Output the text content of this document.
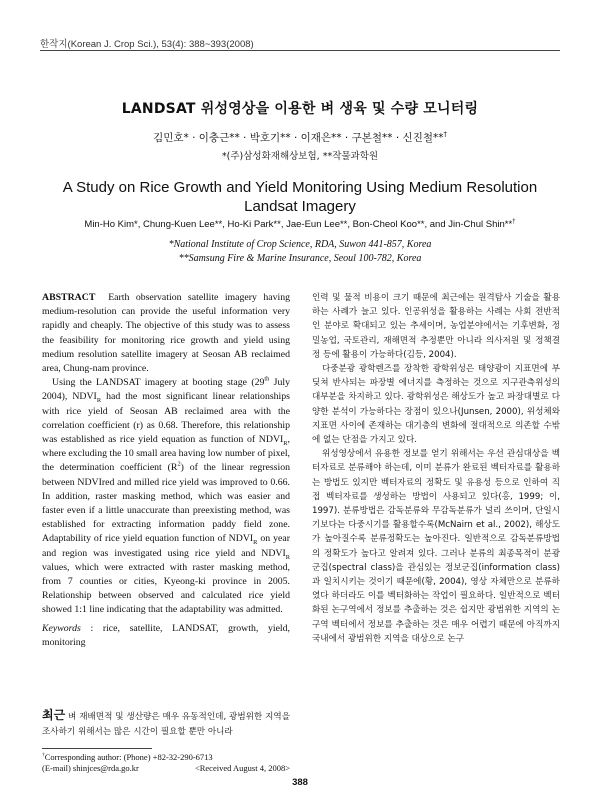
한작지(Korean J. Crop Sci.), 53(4): 388~393(2008)
LANDSAT 위성영상을 이용한 벼 생육 및 수량 모니터링
김민호* · 이충근** · 박호기** · 이재은** · 구본철** · 신진철**†
*(주)삼성화재해상보험, **작물과학원
A Study on Rice Growth and Yield Monitoring Using Medium Resolution
Landsat Imagery
Min-Ho Kim*, Chung-Kuen Lee**, Ho-Ki Park**, Jae-Eun Lee**, Bon-Cheol Koo**, and Jin-Chul Shin**†
*National Institute of Crop Science, RDA, Suwon 441-857, Korea
**Samsung Fire & Marine Insurance, Seoul 100-782, Korea

ABSTRACT Earth observation satellite imagery having medium-resolution can provide the useful information very rapidly and cheaply. The objective of this study was to assess the feasibility for monitoring rice growth and yield using medium resolution satellite imagery at Seosan AB reclaimed area, Chung-nam province.

Using the LANDSAT imagery at booting stage (29th July 2004), $NDVI_R$ had the most significant linear relationships with rice yield of Seosan AB reclaimed area with the correlation coefficient (r) as 0.68. Therefore, this relationship was established as rice yield equation as function of $NDVI_R$, where excluding the 10 small area having low number of pixel, the determination coefficient $(R^2)$ of the linear regression between NDVIred and milled rice yield was improved to 0.66. In addition, raster masking method, which was easier and faster even if a little unaccurate than preexisting method, was established for extracting information paddy field zone. Adaptability of rice yield equation function of $NDVI_R$ on year and region was investigated using rice yield and $NDVI_R$ values, which were extracted with raster masking method, from 7 counties or cities, Kyeong-ki province in 2005. Relationship between observed and calculated rice yield showed 1:1 line indicating that the adaptability was admitted.

Keywords : rice, satellite, LANDSAT, growth, yield, monitoring

최근 벼 재배면적 및 생산량은 매우 유동적인데, 광범위한 지역을 조사하기 위해서는 많은 시간이 필요할 뿐만 아니라

인력 및 물적 비용이 크기 때문에 최근에는 원격탐사 기술을 활용하는 사례가 늘고 있다. 인공위성을 활용하는 사례는 사회 전반적인 분야로 확대되고 있는 추세이며, 농업분야에서는 기후변화, 정밀농업, 국토관리, 재해면적 추정뿐만 아니라 의사저원 및 정책결정 등에 활용이 가능하다(김등, 2004).

다중분광 광학렌즈를 장착한 광학위성은 태양광이 지표면에 부딪쳐 반사되는 파장별 에너지를 측정하는 것으로 지구관측위성의 대부분을 차지하고 있다. 광학위성은 해상도가 높고 파장대별로 다양한 분석이 가능하다는 장점이 있으나(Junsen, 2000), 위성체와 지표면 사이에 존재하는 대기층의 변화에 절대적으로 의존할 수밖에 없는 단점을 가지고 있다.

위성영상에서 유용한 정보를 얻기 위해서는 우선 관심대상을 벡터자료로 분류해야 하는데, 이미 분류가 완료된 벡터자료를 활용하는 방법도 있지만 벡터자료의 정확도 및 유용성 등으로 인하여 직접 벡터자료를 생성하는 방법이 사용되고 있다(홍, 1999; 이, 1997). 분류방법은 감독분류와 무감독분류가 널리 쓰이며, 단일시기보다는 다중시기를 활용할수록(McNairn et al., 2002), 해상도가 높아질수록 분류정확도는 높아진다. 일반적으로 감독분류방법의 정확도가 높다고 알려져 있다. 그러나 분류의 최종목적이 분광군집(spectral class)을 관심있는 정보군집(information class)과 일치시키는 것이기 때문에(황, 2004), 영상 자체만으로 분류하였다 하더라도 이를 벡터화하는 작업이 필요하다. 일반적으로 벡터화된 논구역에서 정보를 추출하는 것은 쉽지만 광범위한 지역의 논구역 벡터에서 정보를 추출하는 것은 매우 어렵기 때문에 아직까지 국내에서 광범위한 지역을 대상으로 논구

†Corresponding author: (Phone) +82-32-290-6713
(E-mail) shinjces@rda.go.kr	<Received August 4, 2008>
388
